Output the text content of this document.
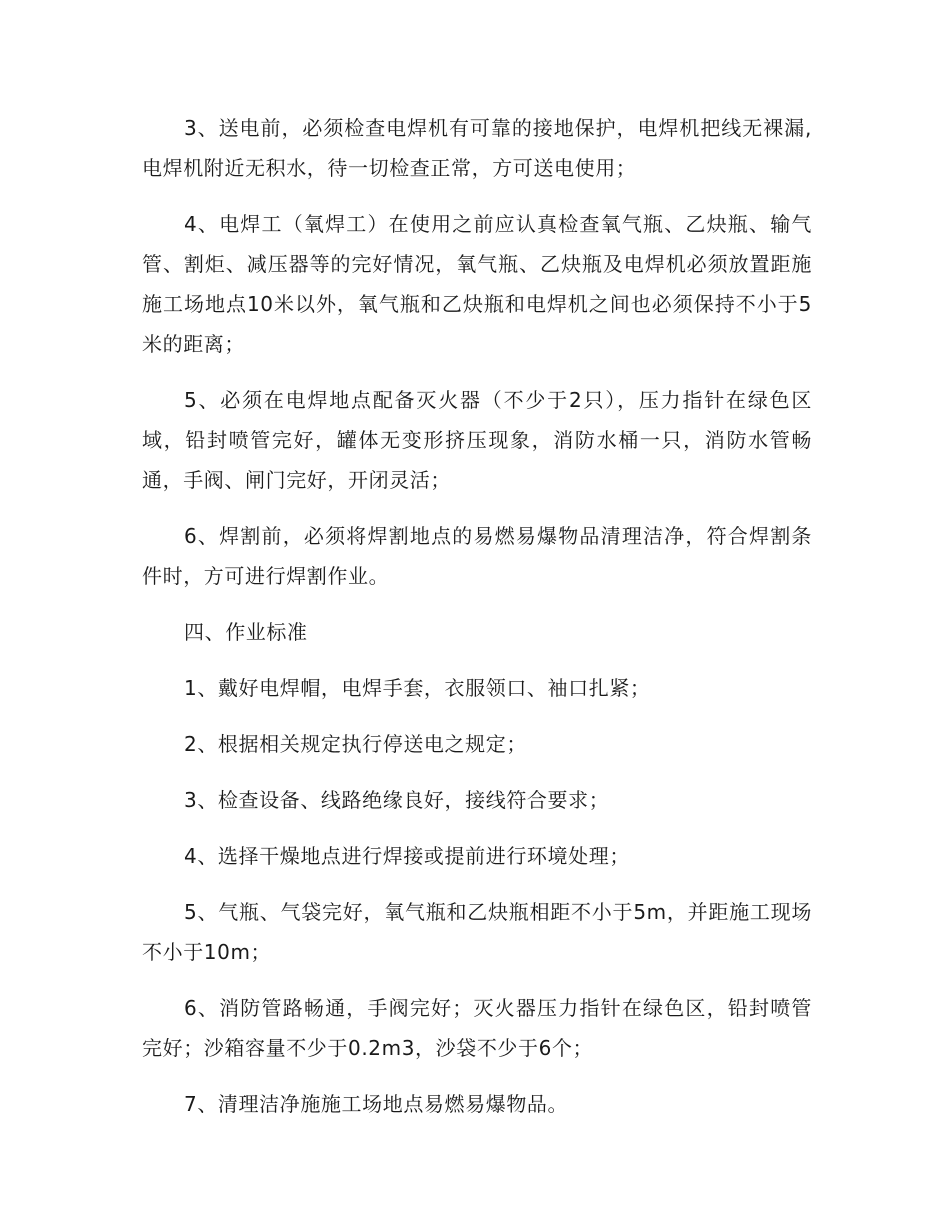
3、送电前，必须检查电焊机有可靠的接地保护，电焊机把线无裸漏,电焊机附近无积水，待一切检查正常，方可送电使用；

4、电焊工（氧焊工）在使用之前应认真检查氧气瓶、乙炔瓶、输气管、割炬、减压器等的完好情况，氧气瓶、乙炔瓶及电焊机必须放置距施施工场地点10米以外，氧气瓶和乙炔瓶和电焊机之间也必须保持不小于5米的距离；

5、必须在电焊地点配备灭火器（不少于2只），压力指针在绿色区域，铅封喷管完好，罐体无变形挤压现象，消防水桶一只，消防水管畅通，手阀、闸门完好，开闭灵活；

6、焊割前，必须将焊割地点的易燃易爆物品清理洁净，符合焊割条件时，方可进行焊割作业。

四、作业标准

1、戴好电焊帽，电焊手套，衣服领口、袖口扎紧；

2、根据相关规定执行停送电之规定；

3、检查设备、线路绝缘良好，接线符合要求；

4、选择干燥地点进行焊接或提前进行环境处理；

5、气瓶、气袋完好，氧气瓶和乙炔瓶相距不小于5m，并距施工现场不小于10m；

6、消防管路畅通，手阀完好；灭火器压力指针在绿色区，铅封喷管完好；沙箱容量不少于0.2m3，沙袋不少于6个；

7、清理洁净施施工场地点易燃易爆物品。
